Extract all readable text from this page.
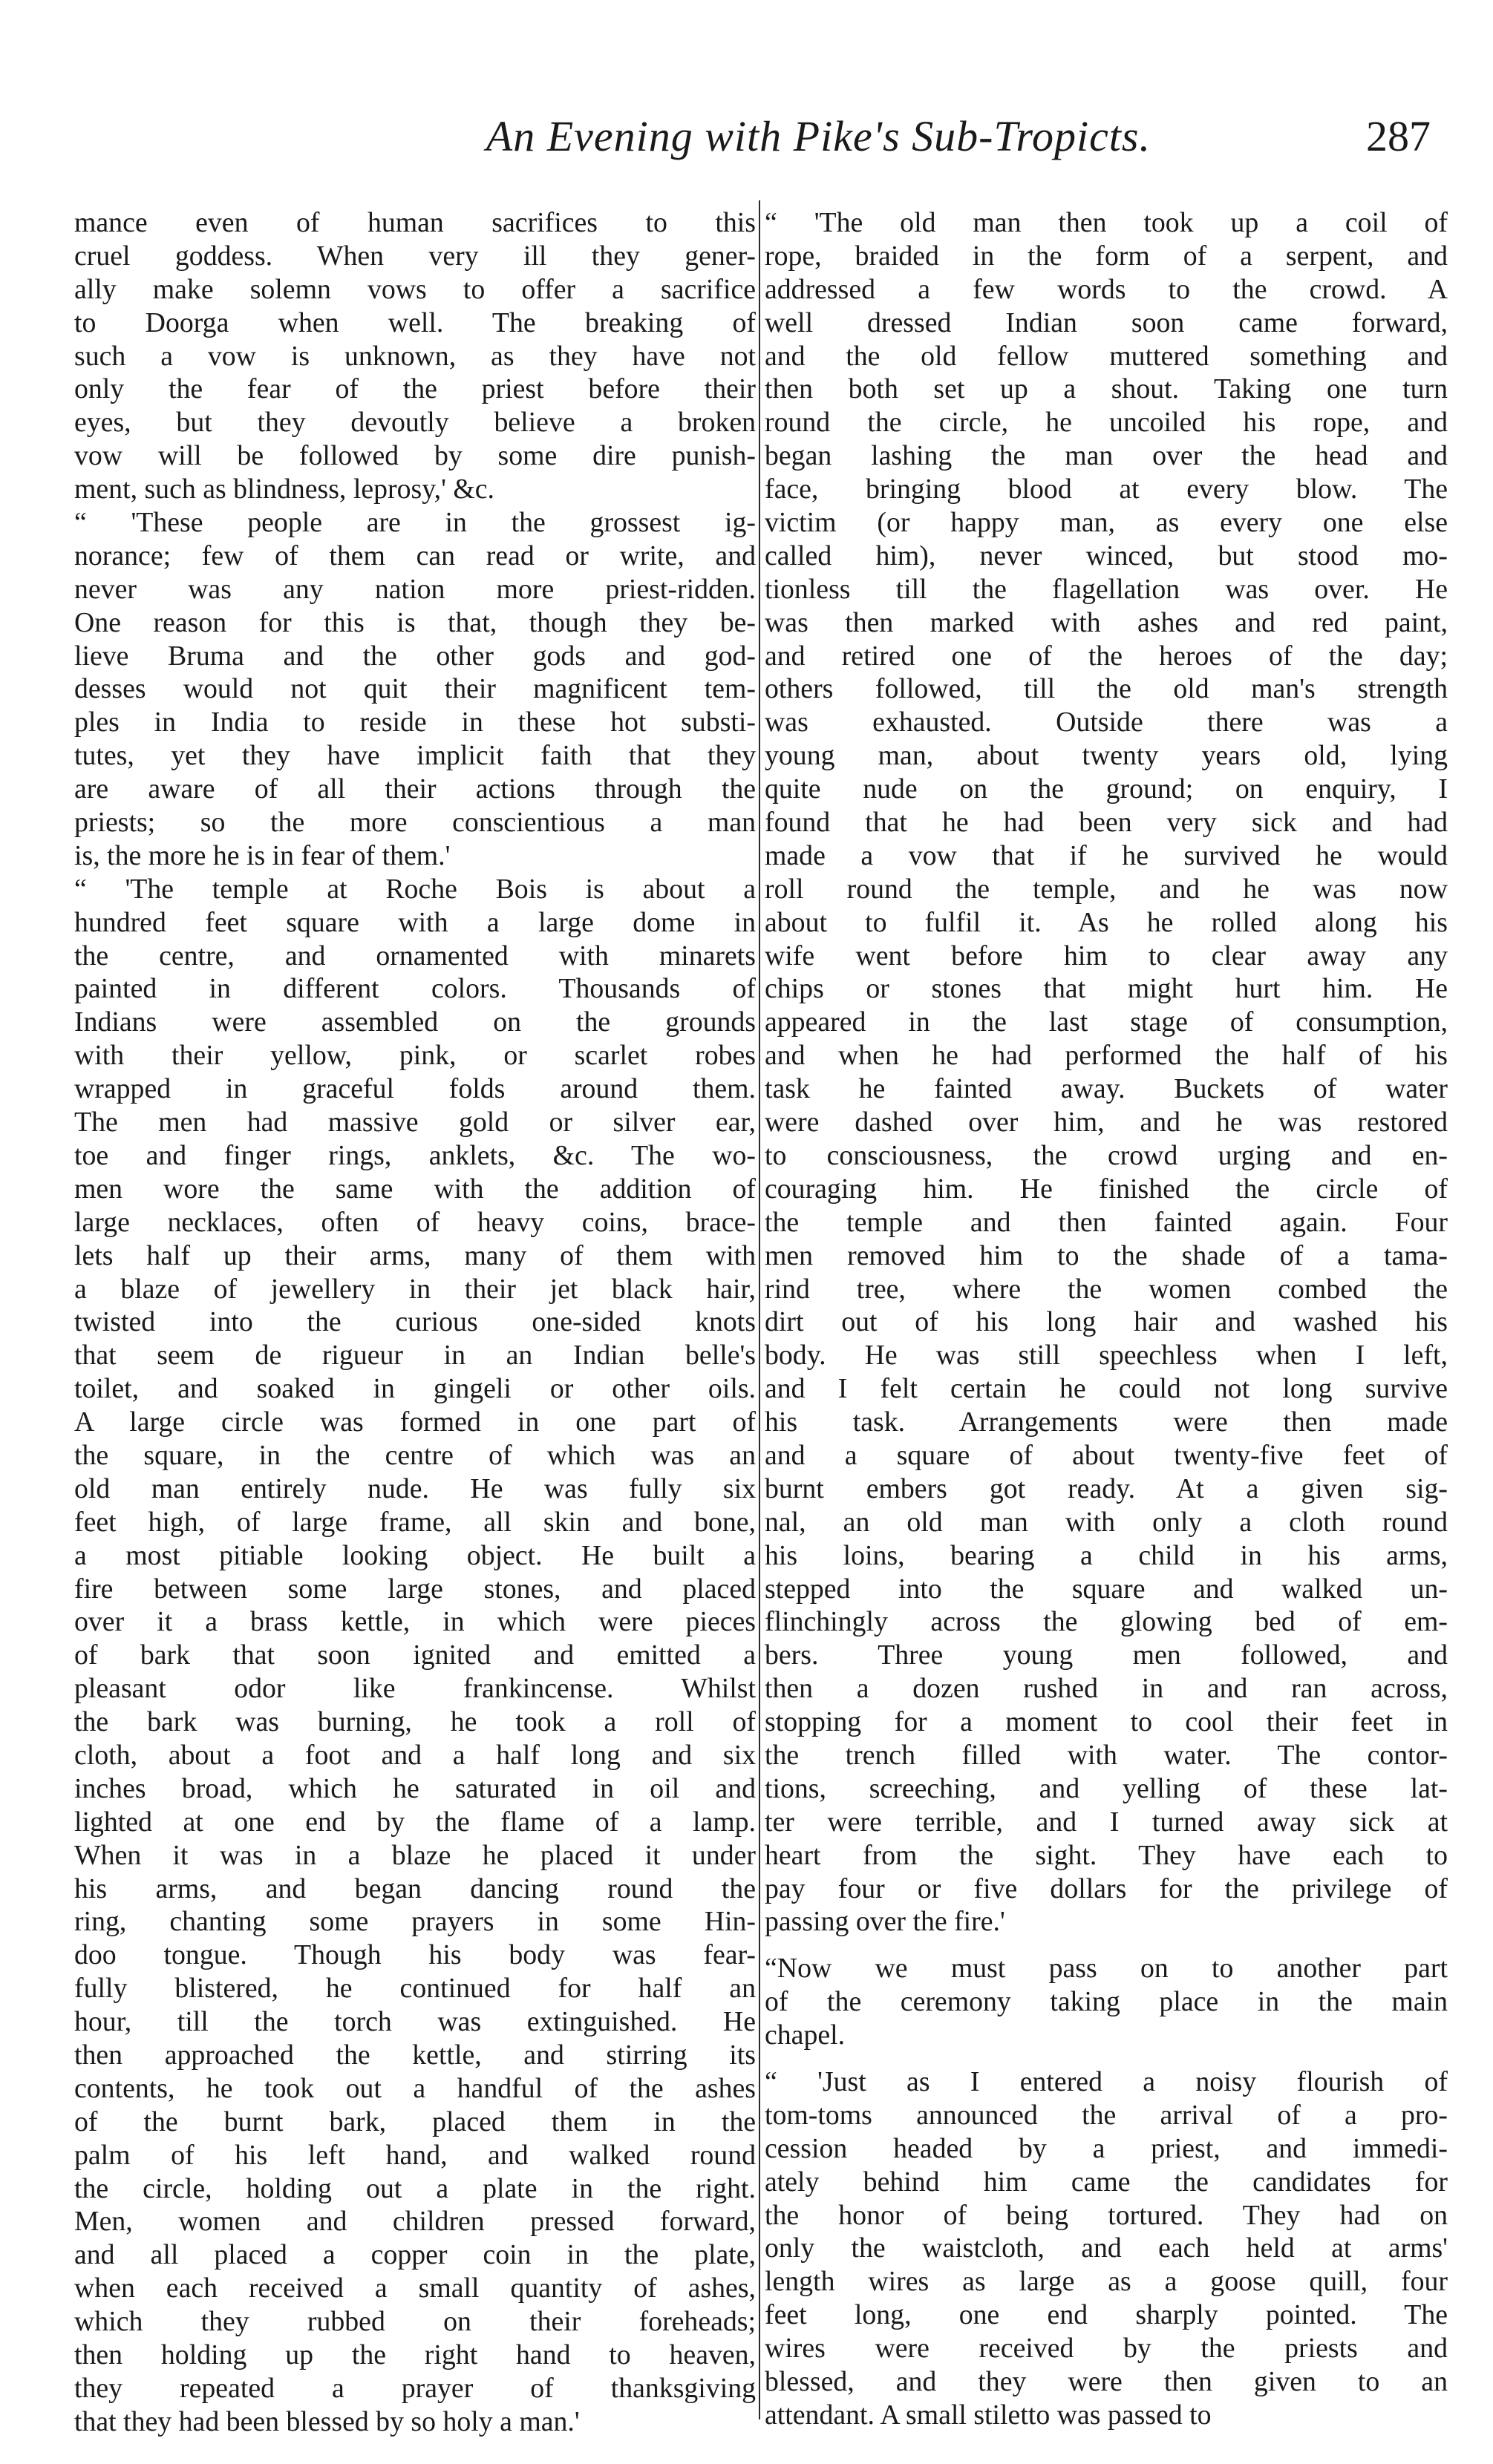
An Evening with Pike's Sub-Tropicts.	287
mance even of human sacrifices to this
cruel goddess. When very ill they gener-
ally make solemn vows to offer a sacrifice
to Doorga when well. The breaking of
such a vow is unknown, as they have not
only the fear of the priest before their
eyes, but they devoutly believe a broken
vow will be followed by some dire punish-
ment, such as blindness, leprosy,' &c.
“ 'These people are in the grossest ig-
norance; few of them can read or write, and
never was any nation more priest-ridden.
One reason for this is that, though they be-
lieve Bruma and the other gods and god-
desses would not quit their magnificent tem-
ples in India to reside in these hot substi-
tutes, yet they have implicit faith that they
are aware of all their actions through the
priests; so the more conscientious a man
is, the more he is in fear of them.'
“ 'The temple at Roche Bois is about a
hundred feet square with a large dome in
the centre, and ornamented with minarets
painted in different colors. Thousands of
Indians were assembled on the grounds
with their yellow, pink, or scarlet robes
wrapped in graceful folds around them.
The men had massive gold or silver ear,
toe and finger rings, anklets, &c. The wo-
men wore the same with the addition of
large necklaces, often of heavy coins, brace-
lets half up their arms, many of them with
a blaze of jewellery in their jet black hair,
twisted into the curious one-sided knots
that seem de rigueur in an Indian belle's
toilet, and soaked in gingeli or other oils.
A large circle was formed in one part of
the square, in the centre of which was an
old man entirely nude. He was fully six
feet high, of large frame, all skin and bone,
a most pitiable looking object. He built a
fire between some large stones, and placed
over it a brass kettle, in which were pieces
of bark that soon ignited and emitted a
pleasant odor like frankincense. Whilst
the bark was burning, he took a roll of
cloth, about a foot and a half long and six
inches broad, which he saturated in oil and
lighted at one end by the flame of a lamp.
When it was in a blaze he placed it under
his arms, and began dancing round the
ring, chanting some prayers in some Hin-
doo tongue. Though his body was fear-
fully blistered, he continued for half an
hour, till the torch was extinguished. He
then approached the kettle, and stirring its
contents, he took out a handful of the ashes
of the burnt bark, placed them in the
palm of his left hand, and walked round
the circle, holding out a plate in the right.
Men, women and children pressed forward,
and all placed a copper coin in the plate,
when each received a small quantity of ashes,
which they rubbed on their foreheads;
then holding up the right hand to heaven,
they repeated a prayer of thanksgiving
that they had been blessed by so holy a man.'
“ 'The old man then took up a coil of
rope, braided in the form of a serpent, and
addressed a few words to the crowd. A
well dressed Indian soon came forward,
and the old fellow muttered something and
then both set up a shout. Taking one turn
round the circle, he uncoiled his rope, and
began lashing the man over the head and
face, bringing blood at every blow. The
victim (or happy man, as every one else
called him), never winced, but stood mo-
tionless till the flagellation was over. He
was then marked with ashes and red paint,
and retired one of the heroes of the day;
others followed, till the old man's strength
was exhausted. Outside there was a
young man, about twenty years old, lying
quite nude on the ground; on enquiry, I
found that he had been very sick and had
made a vow that if he survived he would
roll round the temple, and he was now
about to fulfil it. As he rolled along his
wife went before him to clear away any
chips or stones that might hurt him. He
appeared in the last stage of consumption,
and when he had performed the half of his
task he fainted away. Buckets of water
were dashed over him, and he was restored
to consciousness, the crowd urging and en-
couraging him. He finished the circle of
the temple and then fainted again. Four
men removed him to the shade of a tama-
rind tree, where the women combed the
dirt out of his long hair and washed his
body. He was still speechless when I left,
and I felt certain he could not long survive
his task. Arrangements were then made
and a square of about twenty-five feet of
burnt embers got ready. At a given sig-
nal, an old man with only a cloth round
his loins, bearing a child in his arms,
stepped into the square and walked un-
flinchingly across the glowing bed of em-
bers. Three young men followed, and
then a dozen rushed in and ran across,
stopping for a moment to cool their feet in
the trench filled with water. The contor-
tions, screeching, and yelling of these lat-
ter were terrible, and I turned away sick at
heart from the sight. They have each to
pay four or five dollars for the privilege of
passing over the fire.'
“Now we must pass on to another part
of the ceremony taking place in the main
chapel.
“ 'Just as I entered a noisy flourish of
tom-toms announced the arrival of a pro-
cession headed by a priest, and immedi-
ately behind him came the candidates for
the honor of being tortured. They had on
only the waistcloth, and each held at arms'
length wires as large as a goose quill, four
feet long, one end sharply pointed. The
wires were received by the priests and
blessed, and they were then given to an
attendant. A small stiletto was passed to
